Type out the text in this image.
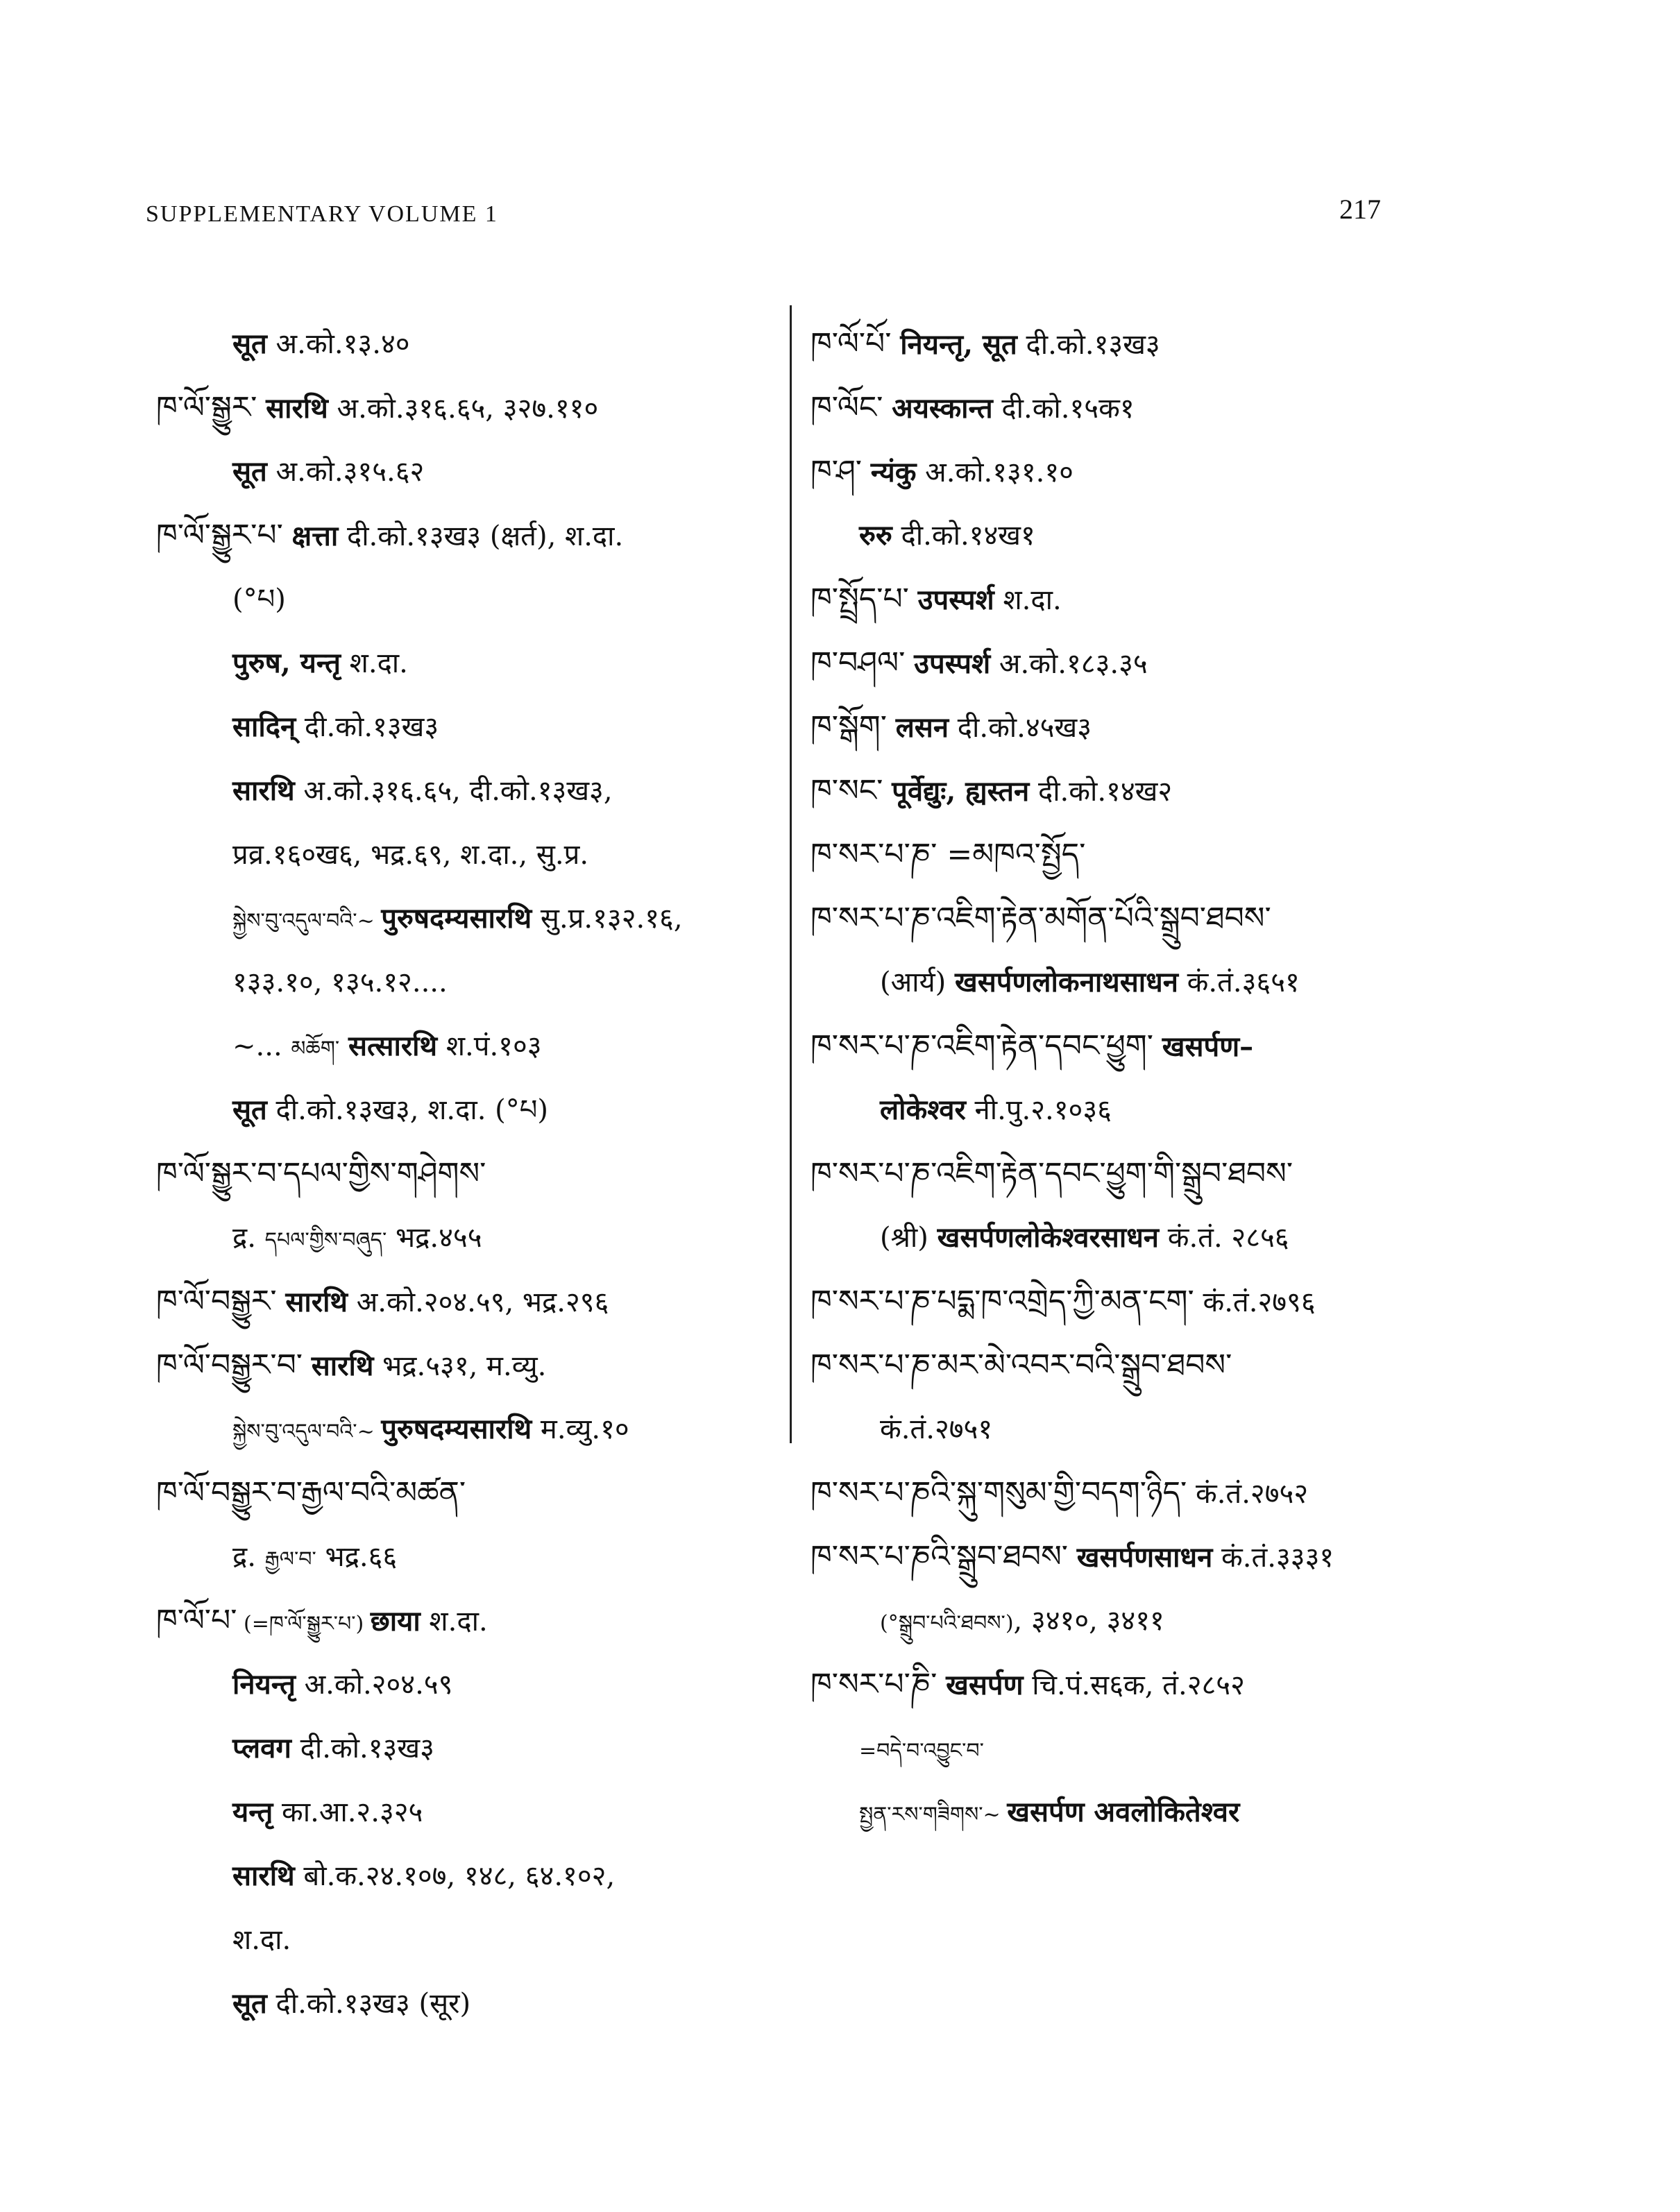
SUPPLEMENTARY VOLUME 1	217
सूत अ.को.१३.४०
ཁ་ལོ་སྒྱུར་ सारथि अ.को.३१६.६५, ३२७.११०
सूत अ.को.३१५.६२
ཁ་ལོ་སྒྱུར་པ་ क्षत्ता दी.को.१३ख३ (क्षर्त), श.दा.
(°པ)
पुरुष, यन्तृ श.दा.
सादिन् दी.को.१३ख३
सारथि अ.को.३१६.६५, दी.को.१३ख३,
प्रव्र.१६०ख६, भद्र.६९, श.दा., सु.प्र.
སྐྱེས་བུ་འདུལ་བའི་~ पुरुषदम्यसारथि सु.प्र.१३२.१६,
१३३.१०, १३५.१२....
~... མཆོག་ सत्सारथि श.पं.१०३
सूत दी.को.१३ख३, श.दा. (°པ)
ཁ་ལོ་སྒྱུར་བ་དཔལ་གྱིས་གཤེགས་
द्र. དཔལ་གྱིས་བཞུད་ भद्र.४५५
ཁ་ལོ་བསྒྱུར་ सारथि अ.को.२०४.५९, भद्र.२९६
ཁ་ལོ་བསྒྱུར་བ་ सारथि भद्र.५३१, म.व्यु.
སྐྱེས་བུ་འདུལ་བའི་~ पुरुषदम्यसारथि म.व्यु.१०
ཁ་ལོ་བསྒྱུར་བ་རྒྱལ་བའི་མཚན་
द्र. རྒྱལ་བ་ भद्र.६६
ཁ་ལོ་པ་ (=ཁ་ལོ་སྒྱུར་པ་) छाया श.दा.
नियन्तृ अ.को.२०४.५९
प्लवग दी.को.१३ख३
यन्तृ का.आ.२.३२५
सारथि बो.क.२४.१०७, १४८, ६४.१०२,
श.दा.
सूत दी.को.१३ख३ (सूर)
ཁ་ལོ་པོ་ नियन्तृ, सूत दी.को.१३ख३
ཁ་ལོང་ अयस्कान्त दी.को.१५क१
ཁ་ཤ་ न्यंकु अ.को.१३१.१०
रुरु दी.को.१४ख१
ཁ་སྤྲོད་པ་ उपस्पर्श श.दा.
ཁ་བཤལ་ उपस्पर्श अ.को.१८३.३५
ཁ་སྒོག་ लसन दी.को.४५ख३
ཁ་སང་ पूर्वेद्युः, ह्यस्तन दी.को.१४ख२
ཁ་སར་པ་ཎ་ =མཁའ་སྤྱོད་
ཁ་སར་པ་ཎ་འཇིག་རྟེན་མགོན་པོའི་སྒྲུབ་ཐབས་
(आर्य) खसर्पणलोकनाथसाधन कं.तं.३६५१
ཁ་སར་པ་ཎ་འཇིག་རྟེན་དབང་ཕྱུག་ खसर्पण–
लोकेश्वर नी.पु.२.१०३६
ཁ་སར་པ་ཎ་འཇིག་རྟེན་དབང་ཕྱུག་གི་སྒྲུབ་ཐབས་
(श्री) खसर्पणलोकेश्वरसाधन कं.तं. २८५६
ཁ་སར་པ་ཎ་པདྨ་ཁ་འགྲེད་ཀྱི་མན་ངག་ कं.तं.२७९६
ཁ་སར་པ་ཎ་མར་མེ་འབར་བའི་སྒྲུབ་ཐབས་
कं.तं.२७५१
ཁ་སར་པ་ཎའི་སྐུ་གསུམ་གྱི་བདག་ཉིད་ कं.तं.२७५२
ཁ་སར་པ་ཎའི་སྒྲུབ་ཐབས་ खसर्पणसाधन कं.तं.३३३१
(°སྒྲུབ་པའི་ཐབས་), ३४१०, ३४११
ཁ་སར་པ་ཎི་ खसर्पण चि.पं.स६क, तं.२८५२
=བདེ་བ་འབྱུང་བ་
སྤྱན་རས་གཟིགས་~ खसर्पण अवलोकितेश्वर
